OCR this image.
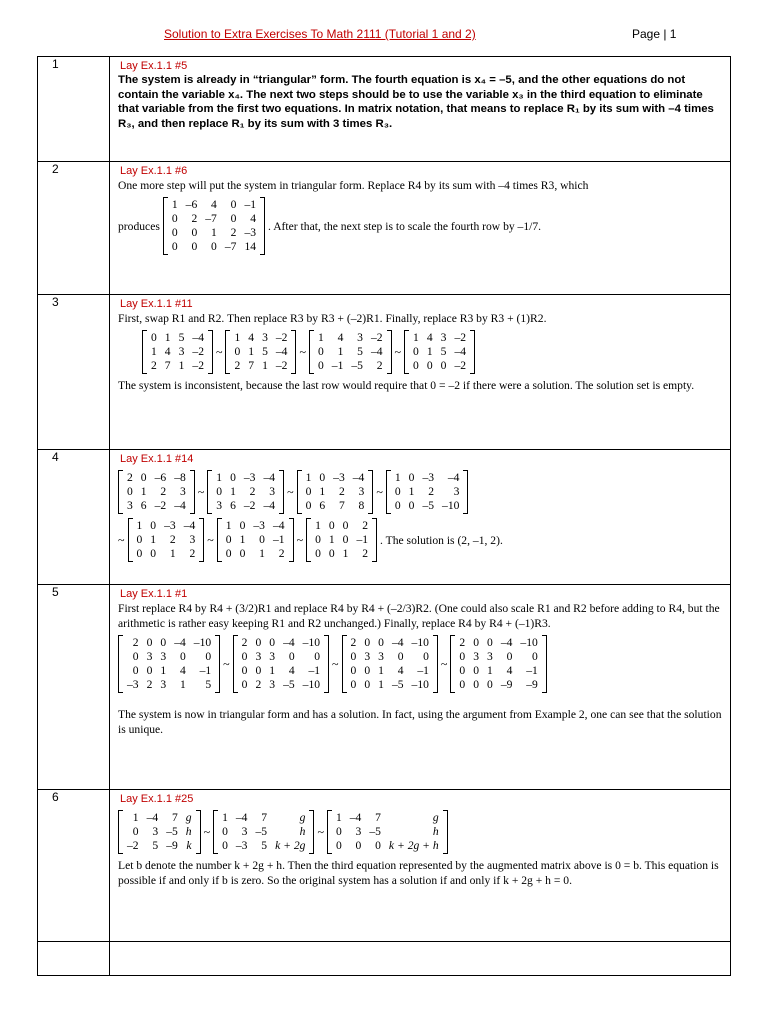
Solution to Extra Exercises To Math 2111 (Tutorial 1 and 2)	Page | 1
1	Lay Ex.1.1 #5
The system is already in “triangular” form. The fourth equation is x₄ = –5, and the other equations do not contain the variable x₄. The next two steps should be to use the variable x₃ in the third equation to eliminate that variable from the first two equations. In matrix notation, that means to replace R₁ by its sum with –4 times R₃, and then replace R₁ by its sum with 3 times R₃.

2	Lay Ex.1.1 #6
One more step will put the system in triangular form. Replace R4 by its sum with –4 times R3, which
produces
1	–6	4	0	–1
0	2	–7	0	4
0	0	1	2	–3
0	0	0	–7	14
. After that, the next step is to scale the fourth row by –1/7.

3	Lay Ex.1.1 #11
First, swap R1 and R2. Then replace R3 by R3 + (–2)R1. Finally, replace R3 by R3 + (1)R2.
0	1	5	–4
1	4	3	–2
2	7	1	–2
~
1	4	3	–2
0	1	5	–4
2	7	1	–2
~
1	4	3	–2
0	1	5	–4
0	–1	–5	2
~
1	4	3	–2
0	1	5	–4
0	0	0	–2
The system is inconsistent, because the last row would require that 0 = –2 if there were a solution. The solution set is empty.

4	Lay Ex.1.1 #14
2	0	–6	–8
0	1	2	3
3	6	–2	–4
~
1	0	–3	–4
0	1	2	3
3	6	–2	–4
~
1	0	–3	–4
0	1	2	3
0	6	7	8
~
1	0	–3	–4
0	1	2	3
0	0	–5	–10
~
1	0	–3	–4
0	1	2	3
0	0	1	2
~
1	0	–3	–4
0	1	0	–1
0	0	1	2
~
1	0	0	2
0	1	0	–1
0	0	1	2
. The solution is (2, –1, 2).

5	Lay Ex.1.1 #1
First replace R4 by R4 + (3/2)R1 and replace R4 by R4 + (–2/3)R2. (One could also scale R1 and R2 before adding to R4, but the arithmetic is rather easy keeping R1 and R2 unchanged.) Finally, replace R4 by R4 + (–1)R3.
2	0	0	–4	–10
0	3	3	0	0
0	0	1	4	–1
–3	2	3	1	5
~
2	0	0	–4	–10
0	3	3	0	0
0	0	1	4	–1
0	2	3	–5	–10
~
2	0	0	–4	–10
0	3	3	0	0
0	0	1	4	–1
0	0	1	–5	–10
~
2	0	0	–4	–10
0	3	3	0	0
0	0	1	4	–1
0	0	0	–9	–9
The system is now in triangular form and has a solution. In fact, using the argument from Example 2, one can see that the solution is unique.

6	Lay Ex.1.1 #25
1	–4	7	g
0	3	–5	h
–2	5	–9	k
~
1	–4	7	g
0	3	–5	h
0	–3	5	k + 2g
~
1	–4	7	g
0	3	–5	h
0	0	0	k + 2g + h
Let b denote the number k + 2g + h. Then the third equation represented by the augmented matrix above is 0 = b. This equation is possible if and only if b is zero. So the original system has a solution if and only if k + 2g + h = 0.
